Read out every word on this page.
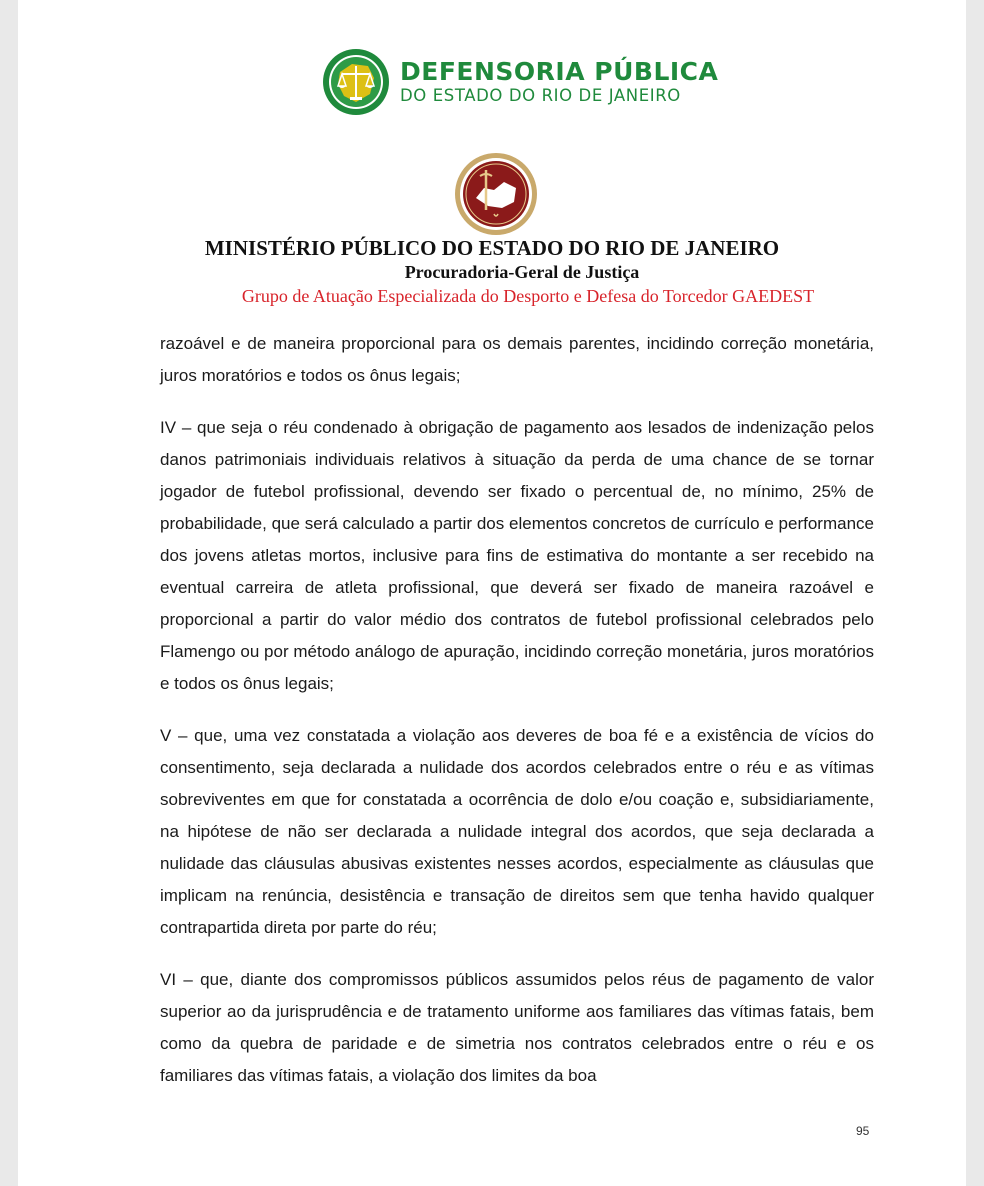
DEFENSORIA PÚBLICA
DO ESTADO DO RIO DE JANEIRO
MINISTÉRIO PÚBLICO DO ESTADO DO RIO DE JANEIRO
Procuradoria-Geral de Justiça
Grupo de Atuação Especializada do Desporto e Defesa do Torcedor GAEDEST

razoável e de maneira proporcional para os demais parentes, incidindo correção monetária, juros moratórios e todos os ônus legais;

IV – que seja o réu condenado à obrigação de pagamento aos lesados de indenização pelos danos patrimoniais individuais relativos à situação da perda de uma chance de se tornar jogador de futebol profissional, devendo ser fixado o percentual de, no mínimo, 25% de probabilidade, que será calculado a partir dos elementos concretos de currículo e performance dos jovens atletas mortos, inclusive para fins de estimativa do montante a ser recebido na eventual carreira de atleta profissional, que deverá ser fixado de maneira razoável e proporcional a partir do valor médio dos contratos de futebol profissional celebrados pelo Flamengo ou por método análogo de apuração, incidindo correção monetária, juros moratórios e todos os ônus legais;

V – que, uma vez constatada a violação aos deveres de boa fé e a existência de vícios do consentimento, seja declarada a nulidade dos acordos celebrados entre o réu e as vítimas sobreviventes em que for constatada a ocorrência de dolo e/ou coação e, subsidiariamente, na hipótese de não ser declarada a nulidade integral dos acordos, que seja declarada a nulidade das cláusulas abusivas existentes nesses acordos, especialmente as cláusulas que implicam na renúncia, desistência e transação de direitos sem que tenha havido qualquer contrapartida direta por parte do réu;

VI – que, diante dos compromissos públicos assumidos pelos réus de pagamento de valor superior ao da jurisprudência e de tratamento uniforme aos familiares das vítimas fatais, bem como da quebra de paridade e de simetria nos contratos celebrados entre o réu e os familiares das vítimas fatais, a violação dos limites da boa

95
